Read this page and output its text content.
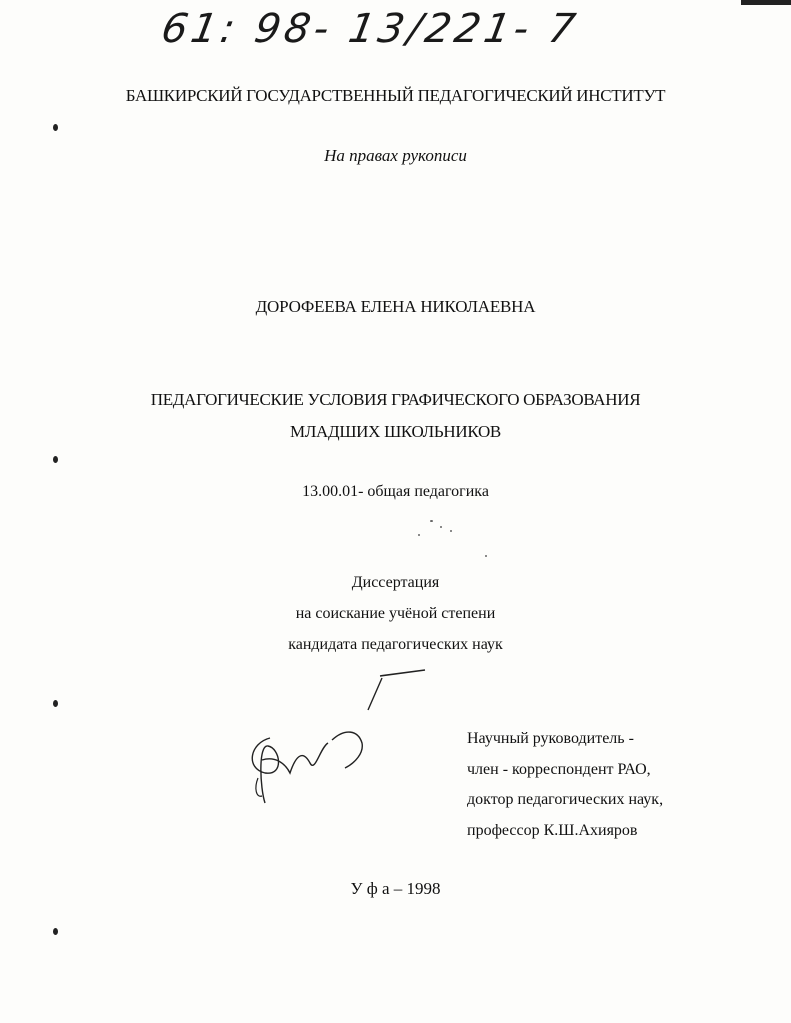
61: 98- 13/221- 7
БАШКИРСКИЙ ГОСУДАРСТВЕННЫЙ ПЕДАГОГИЧЕСКИЙ ИНСТИТУТ
На правах рукописи
ДОРОФЕЕВА ЕЛЕНА НИКОЛАЕВНА
ПЕДАГОГИЧЕСКИЕ УСЛОВИЯ ГРАФИЧЕСКОГО ОБРАЗОВАНИЯ
МЛАДШИХ ШКОЛЬНИКОВ
13.00.01- общая педагогика
Диссертация
на соискание учёной степени
кандидата педагогических наук
Научный руководитель -
член - корреспондент РАО,
доктор педагогических наук,
профессор К.Ш.Ахияров
У ф а – 1998
